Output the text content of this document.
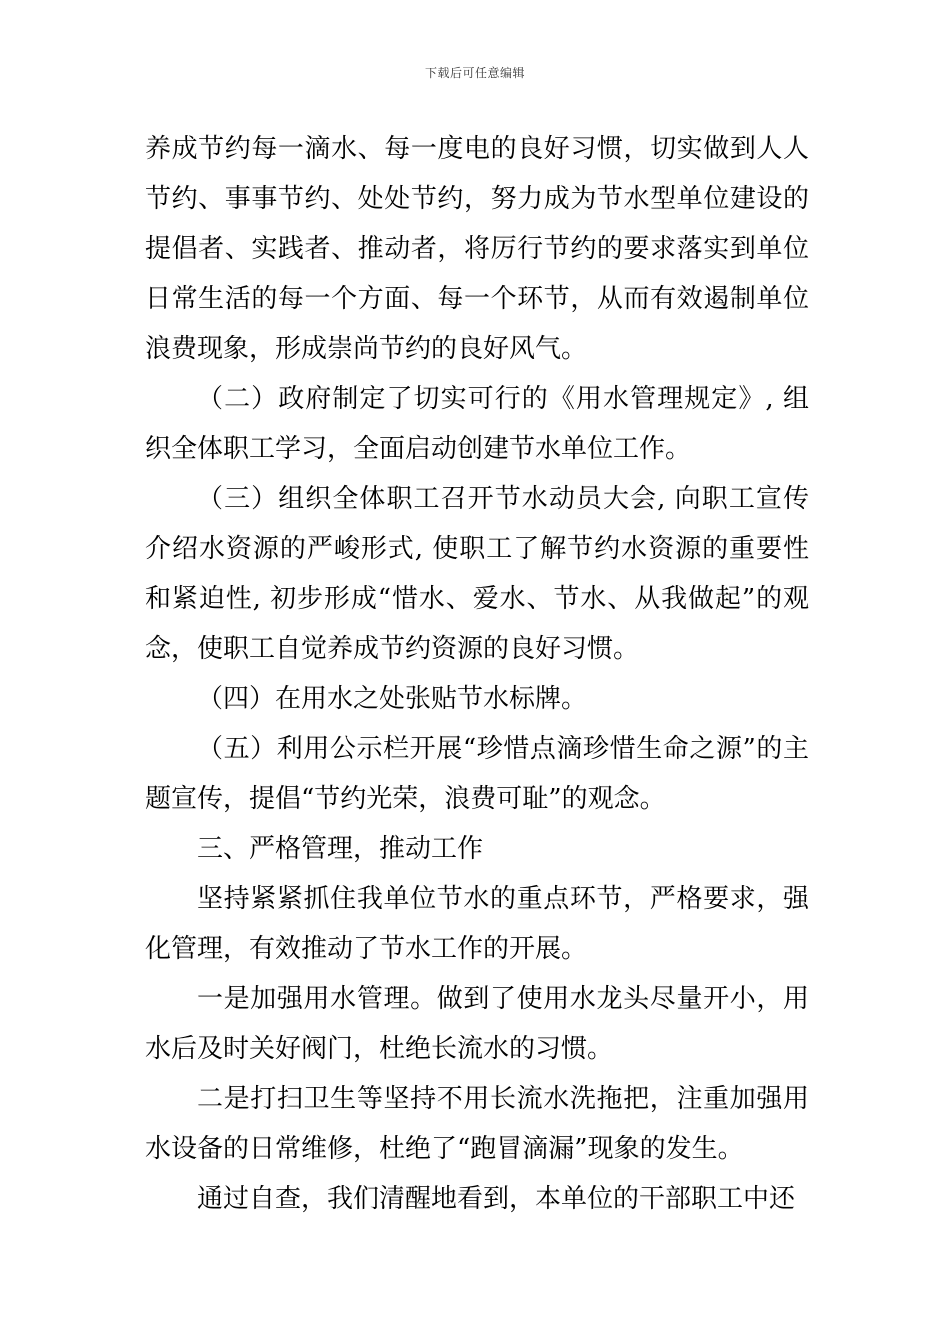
下载后可任意编辑

养成节约每一滴水、每一度电的良好习惯，切实做到人人节约、事事节约、处处节约，努力成为节水型单位建设的提倡者、实践者、推动者，将厉行节约的要求落实到单位日常生活的每一个方面、每一个环节，从而有效遏制单位浪费现象，形成崇尚节约的良好风气。

（二）政府制定了切实可行的《用水管理规定》, 组织全体职工学习，全面启动创建节水单位工作。

（三）组织全体职工召开节水动员大会, 向职工宣传介绍水资源的严峻形式, 使职工了解节约水资源的重要性和紧迫性, 初步形成“惜水、爱水、节水、从我做起”的观念，使职工自觉养成节约资源的良好习惯。

（四）在用水之处张贴节水标牌。

（五）利用公示栏开展“珍惜点滴珍惜生命之源”的主题宣传，提倡“节约光荣，浪费可耻”的观念。

三、严格管理，推动工作

坚持紧紧抓住我单位节水的重点环节，严格要求，强化管理，有效推动了节水工作的开展。

一是加强用水管理。做到了使用水龙头尽量开小，用水后及时关好阀门，杜绝长流水的习惯。

二是打扫卫生等坚持不用长流水洗拖把，注重加强用水设备的日常维修，杜绝了“跑冒滴漏”现象的发生。

通过自查，我们清醒地看到，本单位的干部职工中还
